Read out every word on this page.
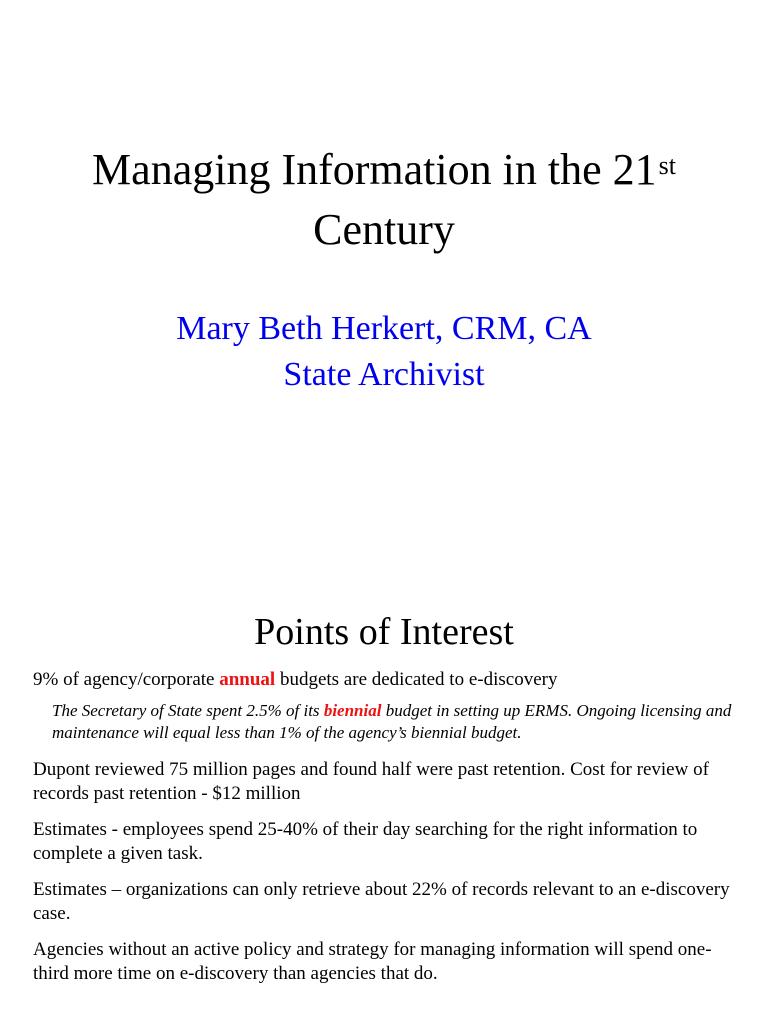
Managing Information in the 21st
Century
Mary Beth Herkert, CRM, CA
State Archivist
Points of Interest

9% of agency/corporate annual budgets are dedicated to e-discovery

The Secretary of State spent 2.5% of its biennial budget in setting up ERMS. Ongoing licensing and maintenance will equal less than 1% of the agency’s biennial budget.

Dupont reviewed 75 million pages and found half were past retention. Cost for review of records past retention - $12 million

Estimates - employees spend 25-40% of their day searching for the right information to complete a given task.

Estimates – organizations can only retrieve about 22% of records relevant to an e-discovery case.

Agencies without an active policy and strategy for managing information will spend one-third more time on e-discovery than agencies that do.
